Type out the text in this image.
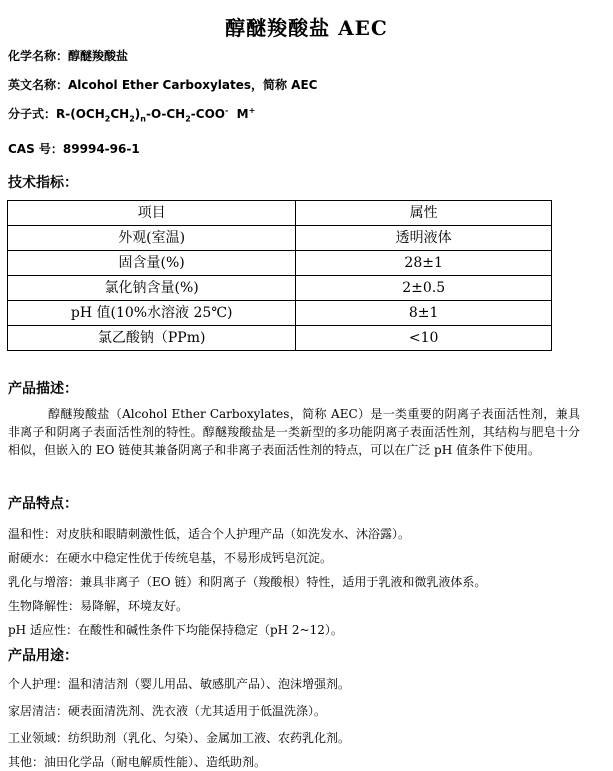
醇醚羧酸盐 AEC
化学名称：醇醚羧酸盐
英文名称：Alcohol Ether Carboxylates，简称 AEC
分子式：$R-(OCH_2CH_2)_n-O-CH_2-COO^-$  M+
CAS 号：89994-96-1
技术指标：
项目	属性
外观(室温)	透明液体
固含量(%)	28±1
氯化钠含量(%)	2±0.5
pH 值(10%水溶液 25℃)	8±1
氯乙酸钠（PPm)	<10
产品描述：
醇醚羧酸盐（Alcohol Ether Carboxylates，简称 AEC）是一类重要的阴离子表面活性剂，兼具非离子和阴离子表面活性剂的特性。醇醚羧酸盐是一类新型的多功能阴离子表面活性剂，其结构与肥皂十分相似，但嵌入的 EO 链使其兼备阴离子和非离子表面活性剂的特点，可以在广泛 pH 值条件下使用。
产品特点：
温和性：对皮肤和眼睛刺激性低，适合个人护理产品（如洗发水、沐浴露）。
耐硬水：在硬水中稳定性优于传统皂基，不易形成钙皂沉淀。
乳化与增溶：兼具非离子（EO 链）和阴离子（羧酸根）特性，适用于乳液和微乳液体系。
生物降解性：易降解，环境友好。
pH 适应性：在酸性和碱性条件下均能保持稳定（pH 2~12）。
产品用途：
个人护理：温和清洁剂（婴儿用品、敏感肌产品）、泡沫增强剂。
家居清洁：硬表面清洗剂、洗衣液（尤其适用于低温洗涤）。
工业领域：纺织助剂（乳化、匀染）、金属加工液、农药乳化剂。
其他：油田化学品（耐电解质性能）、造纸助剂。
